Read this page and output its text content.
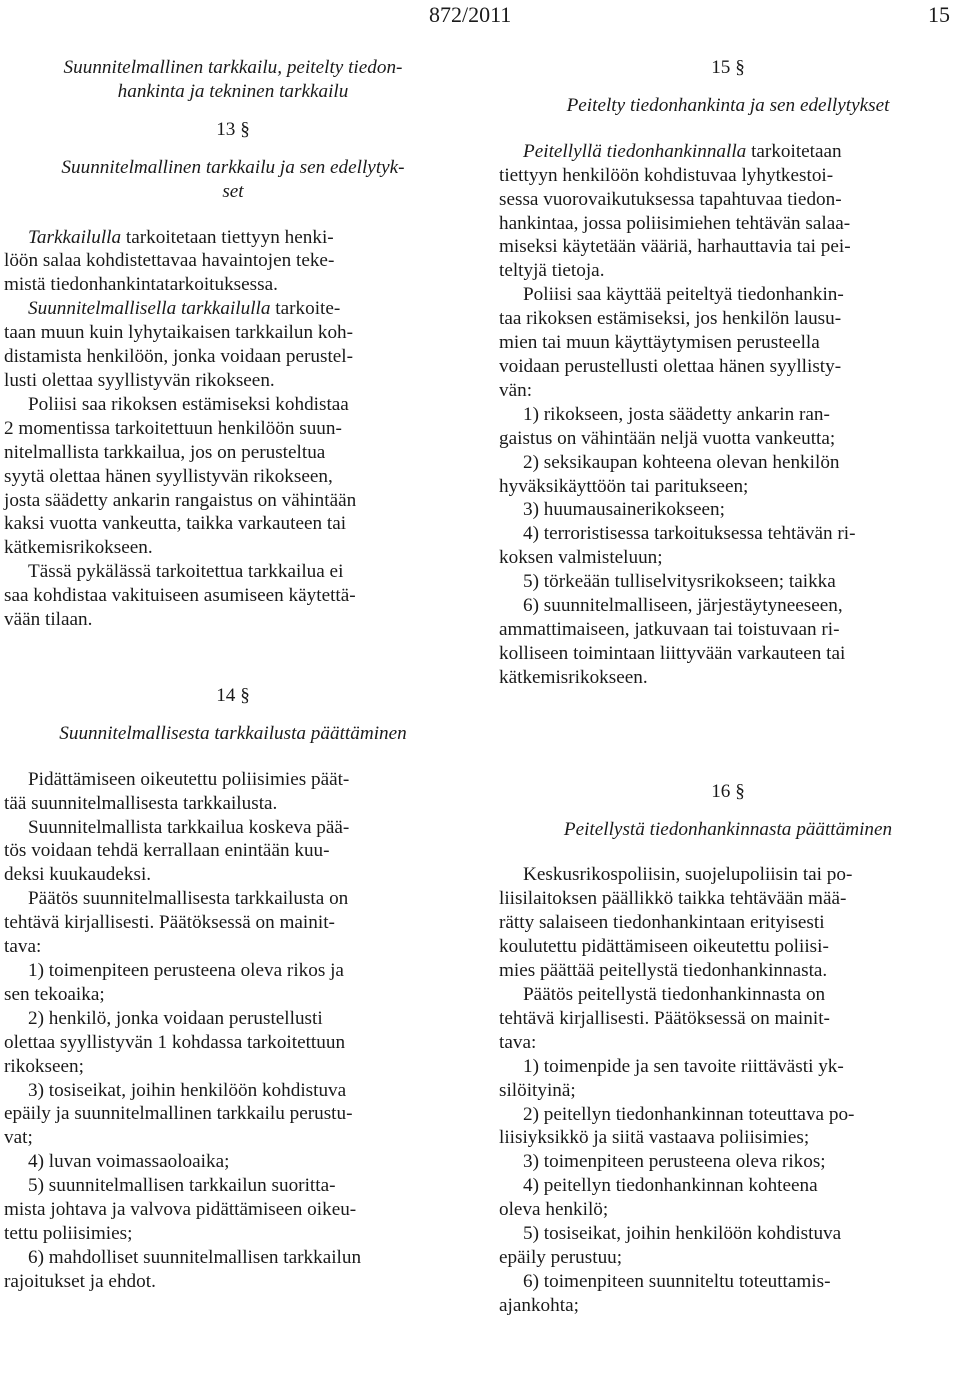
872/2011	15

Suunnitelmallinen tarkkailu, peitelty tiedon-
hankinta ja tekninen tarkkailu

13 §

Suunnitelmallinen tarkkailu ja sen edellytyk-
set

Tarkkailulla tarkoitetaan tiettyyn henki-
löön salaa kohdistettavaa havaintojen teke-
mistä tiedonhankintatarkoituksessa.

Suunnitelmallisella tarkkailulla tarkoite-
taan muun kuin lyhytaikaisen tarkkailun koh-
distamista henkilöön, jonka voidaan perustel-
lusti olettaa syyllistyvän rikokseen.

Poliisi saa rikoksen estämiseksi kohdistaa
2 momentissa tarkoitettuun henkilöön suun-
nitelmallista tarkkailua, jos on perusteltua
syytä olettaa hänen syyllistyvän rikokseen,
josta säädetty ankarin rangaistus on vähintään
kaksi vuotta vankeutta, taikka varkauteen tai
kätkemisrikokseen.

Tässä pykälässä tarkoitettua tarkkailua ei
saa kohdistaa vakituiseen asumiseen käytettä-
vään tilaan.

14 §

Suunnitelmallisesta tarkkailusta päättäminen

Pidättämiseen oikeutettu poliisimies päät-
tää suunnitelmallisesta tarkkailusta.

Suunnitelmallista tarkkailua koskeva pää-
tös voidaan tehdä kerrallaan enintään kuu-
deksi kuukaudeksi.

Päätös suunnitelmallisesta tarkkailusta on
tehtävä kirjallisesti. Päätöksessä on mainit-
tava:

1) toimenpiteen perusteena oleva rikos ja
sen tekoaika;

2) henkilö, jonka voidaan perustellusti
olettaa syyllistyvän 1 kohdassa tarkoitettuun
rikokseen;

3) tosiseikat, joihin henkilöön kohdistuva
epäily ja suunnitelmallinen tarkkailu perustu-
vat;

4) luvan voimassaoloaika;

5) suunnitelmallisen tarkkailun suoritta-
mista johtava ja valvova pidättämiseen oikeu-
tettu poliisimies;

6) mahdolliset suunnitelmallisen tarkkailun
rajoitukset ja ehdot.

15 §

Peitelty tiedonhankinta ja sen edellytykset

Peitellyllä tiedonhankinnalla tarkoitetaan
tiettyyn henkilöön kohdistuvaa lyhytkestoi-
sessa vuorovaikutuksessa tapahtuvaa tiedon-
hankintaa, jossa poliisimiehen tehtävän salaa-
miseksi käytetään vääriä, harhauttavia tai pei-
teltyjä tietoja.

Poliisi saa käyttää peiteltyä tiedonhankin-
taa rikoksen estämiseksi, jos henkilön lausu-
mien tai muun käyttäytymisen perusteella
voidaan perustellusti olettaa hänen syyllisty-
vän:

1) rikokseen, josta säädetty ankarin ran-
gaistus on vähintään neljä vuotta vankeutta;

2) seksikaupan kohteena olevan henkilön
hyväksikäyttöön tai paritukseen;

3) huumausainerikokseen;

4) terroristisessa tarkoituksessa tehtävän ri-
koksen valmisteluun;

5) törkeään tulliselvitysrikokseen; taikka

6) suunnitelmalliseen, järjestäytyneeseen,
ammattimaiseen, jatkuvaan tai toistuvaan ri-
kolliseen toimintaan liittyvään varkauteen tai
kätkemisrikokseen.

16 §

Peitellystä tiedonhankinnasta päättäminen

Keskusrikospoliisin, suojelupoliisin tai po-
liisilaitoksen päällikkö taikka tehtävään mää-
rätty salaiseen tiedonhankintaan erityisesti
koulutettu pidättämiseen oikeutettu poliisi-
mies päättää peitellystä tiedonhankinnasta.

Päätös peitellystä tiedonhankinnasta on
tehtävä kirjallisesti. Päätöksessä on mainit-
tava:

1) toimenpide ja sen tavoite riittävästi yk-
silöityinä;

2) peitellyn tiedonhankinnan toteuttava po-
liisiyksikkö ja siitä vastaava poliisimies;

3) toimenpiteen perusteena oleva rikos;

4) peitellyn tiedonhankinnan kohteena
oleva henkilö;

5) tosiseikat, joihin henkilöön kohdistuva
epäily perustuu;

6) toimenpiteen suunniteltu toteuttamis-
ajankohta;
